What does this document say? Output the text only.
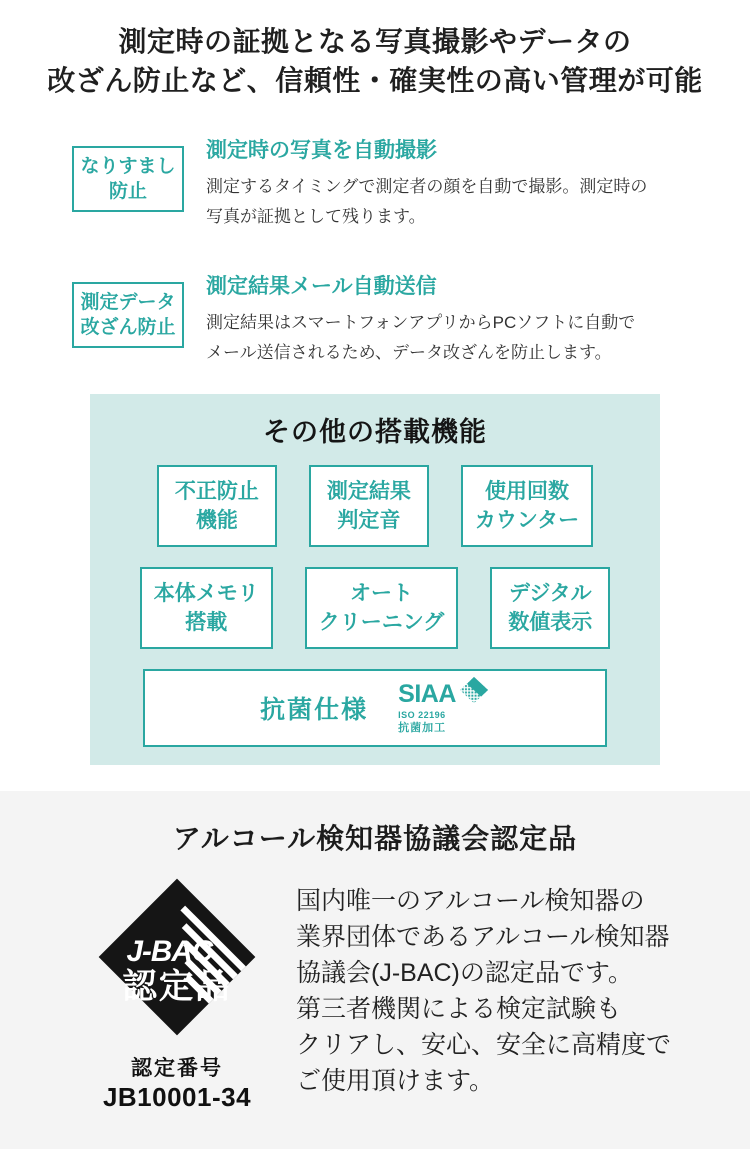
測定時の証拠となる写真撮影やデータの
改ざん防止など、信頼性・確実性の高い管理が可能
なりすまし
防止
測定時の写真を自動撮影

測定するタイミングで測定者の顔を自動で撮影。測定時の
写真が証拠として残ります。

測定データ
改ざん防止
測定結果メール自動送信

測定結果はスマートフォンアプリからPCソフトに自動で
メール送信されるため、データ改ざんを防止します。

その他の搭載機能
不正防止
機能
測定結果
判定音
使用回数
カウンター
本体メモリ
搭載
オート
クリーニング
デジタル
数値表示
抗菌仕様
SIAA
ISO 22196
抗菌加工
アルコール検知器協議会認定品
J-BAC
認定品
認定番号
JB10001-34
国内唯一のアルコール検知器の
業界団体であるアルコール検知器
協議会(J-BAC)の認定品です。
第三者機関による検定試験も
クリアし、安心、安全に高精度で
ご使用頂けます。
